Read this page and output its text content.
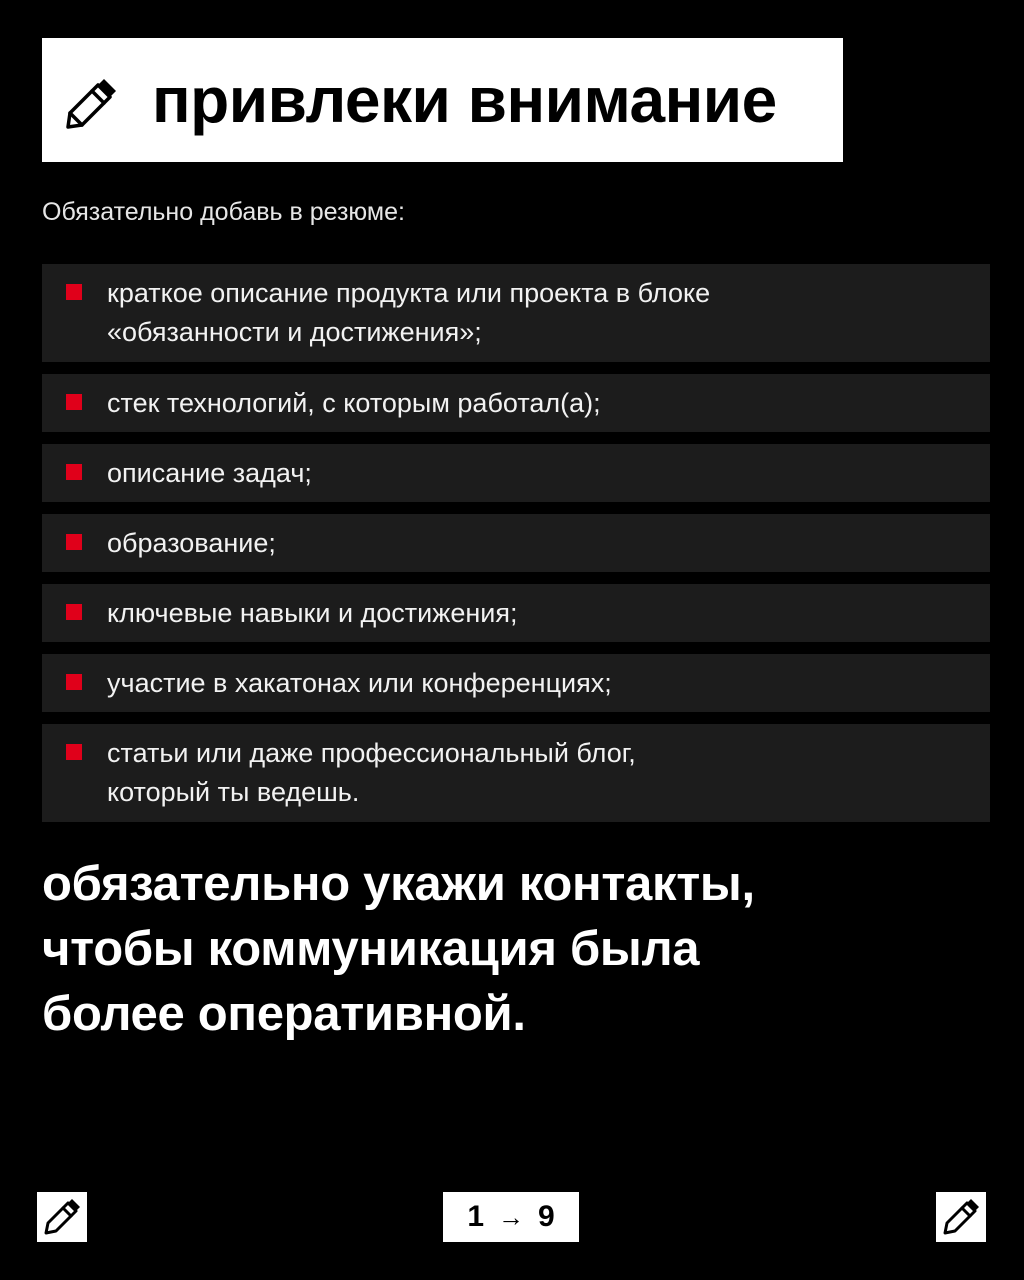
привлеки внимание
Обязательно добавь в резюме:
краткое описание продукта или проекта в блоке
«обязанности и достижения»;
стек технологий, с которым работал(а);
описание задач;
образование;
ключевые навыки и достижения;
участие в хакатонах или конференциях;
статьи или даже профессиональный блог,
который ты ведешь.
обязательно укажи контакты,
чтобы коммуникация была
более оперативной.
1 → 9
